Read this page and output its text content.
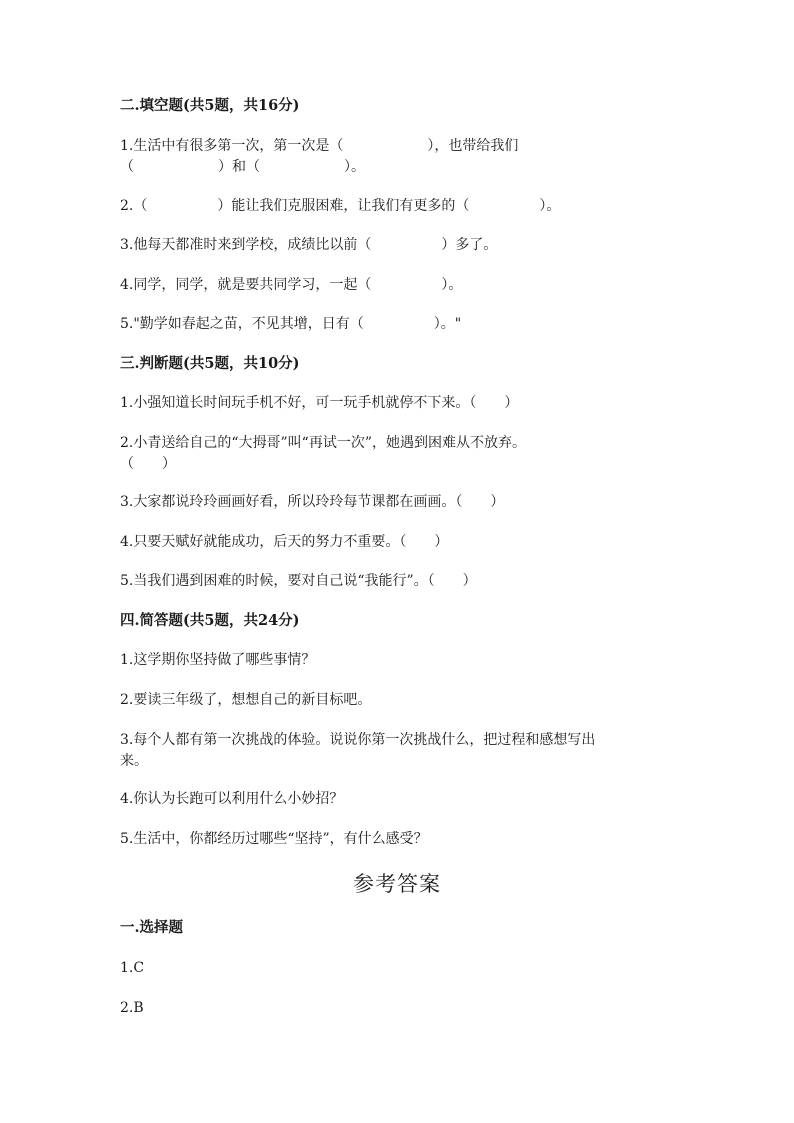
二.填空题(共5题，共16分)
1.生活中有很多第一次，第一次是（　　　　　　），也带给我们
（　　　　　　）和（　　　　　　）。
2.（　　　　　）能让我们克服困难，让我们有更多的（　　　　　）。
3.他每天都准时来到学校，成绩比以前（　　　　　）多了。
4.同学，同学，就是要共同学习，一起（　　　　　）。
5."勤学如春起之苗，不见其增，日有（　　　　　）。"
三.判断题(共5题，共10分)
1.小强知道长时间玩手机不好，可一玩手机就停不下来。（　　）
2.小青送给自己的“大拇哥”叫“再试一次”，她遇到困难从不放弃。
（　　）
3.大家都说玲玲画画好看，所以玲玲每节课都在画画。（　　）
4.只要天赋好就能成功，后天的努力不重要。（　　）
5.当我们遇到困难的时候，要对自己说“我能行”。（　　）
四.简答题(共5题，共24分)
1.这学期你坚持做了哪些事情？
2.要读三年级了，想想自己的新目标吧。
3.每个人都有第一次挑战的体验。说说你第一次挑战什么，把过程和感想写出
来。
4.你认为长跑可以利用什么小妙招？
5.生活中，你都经历过哪些“坚持”，有什么感受？
参考答案
一.选择题
1.C
2.B
